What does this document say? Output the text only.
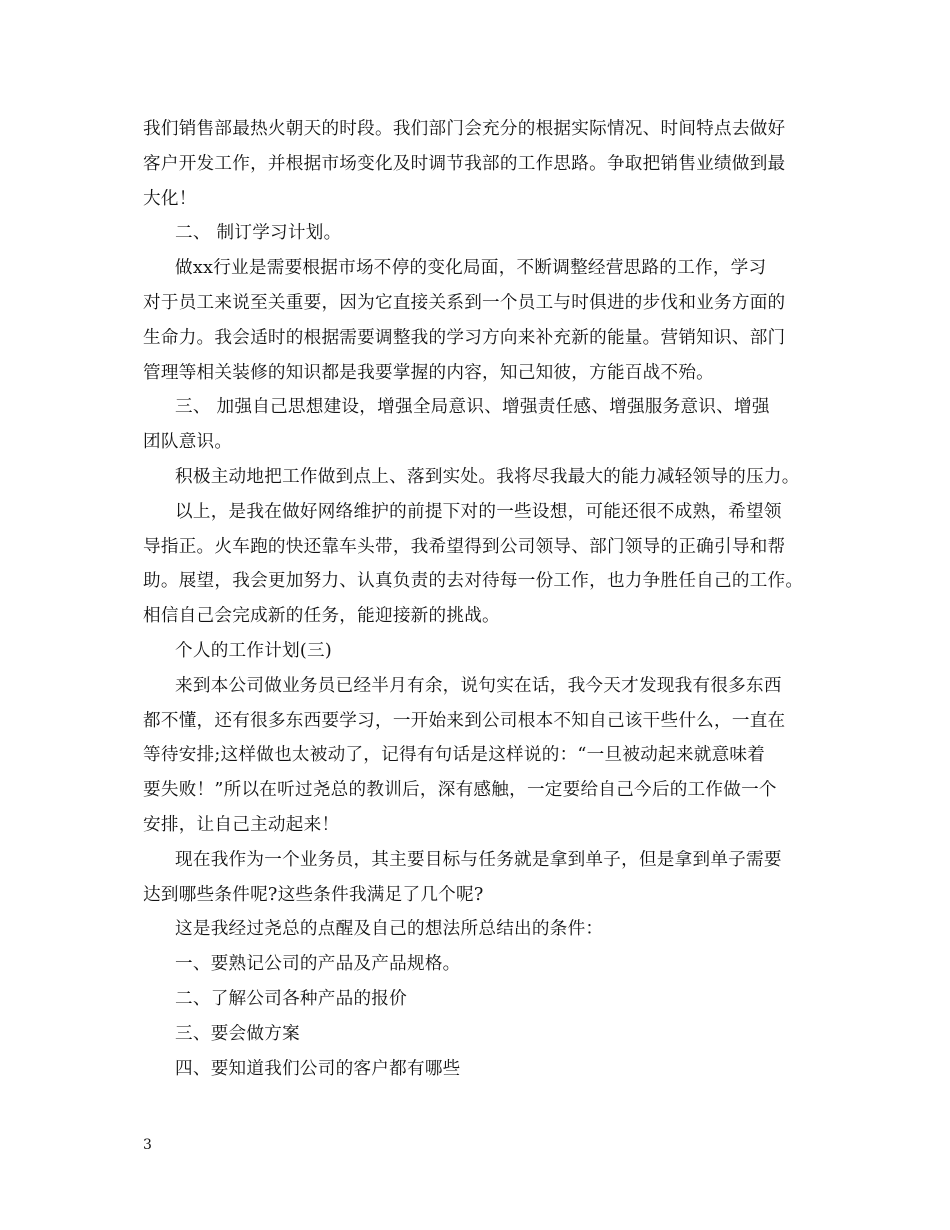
我们销售部最热火朝天的时段。我们部门会充分的根据实际情况、时间特点去做好
客户开发工作，并根据市场变化及时调节我部的工作思路。争取把销售业绩做到最
大化！
二、 制订学习计划。
做xx行业是需要根据市场不停的变化局面，不断调整经营思路的工作，学习
对于员工来说至关重要，因为它直接关系到一个员工与时俱进的步伐和业务方面的
生命力。我会适时的根据需要调整我的学习方向来补充新的能量。营销知识、部门
管理等相关装修的知识都是我要掌握的内容，知己知彼，方能百战不殆。
三、 加强自己思想建设，增强全局意识、增强责任感、增强服务意识、增强
团队意识。
积极主动地把工作做到点上、落到实处。我将尽我最大的能力减轻领导的压力。
以上，是我在做好网络维护的前提下对的一些设想，可能还很不成熟，希望领
导指正。火车跑的快还靠车头带，我希望得到公司领导、部门领导的正确引导和帮
助。展望，我会更加努力、认真负责的去对待每一份工作，也力争胜任自己的工作。
相信自己会完成新的任务，能迎接新的挑战。
个人的工作计划(三)
来到本公司做业务员已经半月有余，说句实在话，我今天才发现我有很多东西
都不懂，还有很多东西要学习，一开始来到公司根本不知自己该干些什么，一直在
等待安排;这样做也太被动了，记得有句话是这样说的：“一旦被动起来就意味着
要失败！”所以在听过尧总的教训后，深有感触，一定要给自己今后的工作做一个
安排，让自己主动起来！
现在我作为一个业务员，其主要目标与任务就是拿到单子，但是拿到单子需要
达到哪些条件呢?这些条件我满足了几个呢?
这是我经过尧总的点醒及自己的想法所总结出的条件：
一、要熟记公司的产品及产品规格。
二、了解公司各种产品的报价
三、要会做方案
四、要知道我们公司的客户都有哪些
3
